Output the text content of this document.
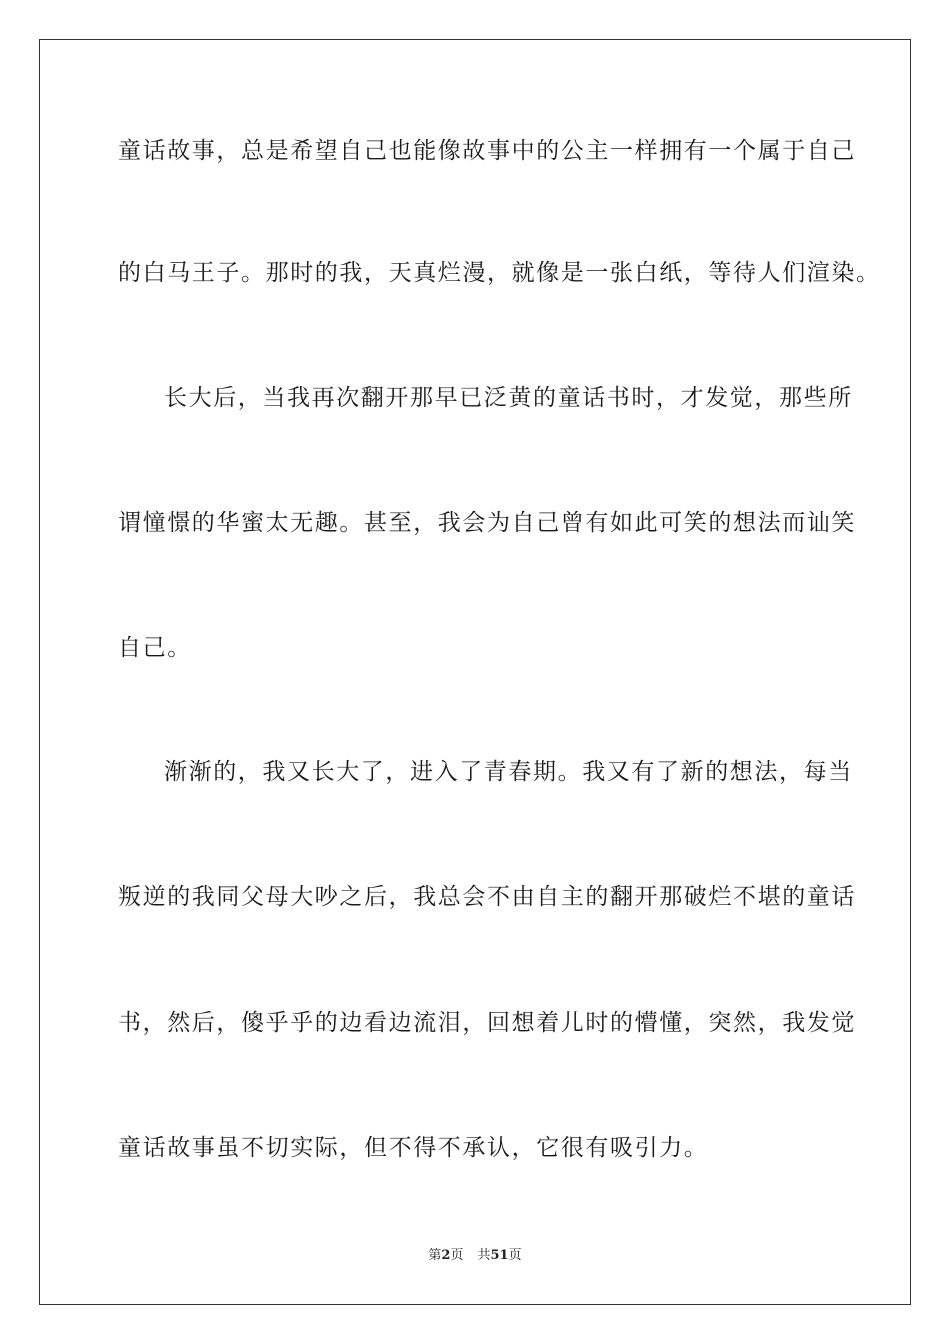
童话故事，总是希望自己也能像故事中的公主一样拥有一个属于自己
的白马王子。那时的我，天真烂漫，就像是一张白纸，等待人们渲染。
长大后，当我再次翻开那早已泛黄的童话书时，才发觉，那些所
谓憧憬的华蜜太无趣。甚至，我会为自己曾有如此可笑的想法而讪笑
自己。
渐渐的，我又长大了，进入了青春期。我又有了新的想法，每当
叛逆的我同父母大吵之后，我总会不由自主的翻开那破烂不堪的童话
书，然后，傻乎乎的边看边流泪，回想着儿时的懵懂，突然，我发觉
童话故事虽不切实际，但不得不承认，它很有吸引力。
第2页 共51页
